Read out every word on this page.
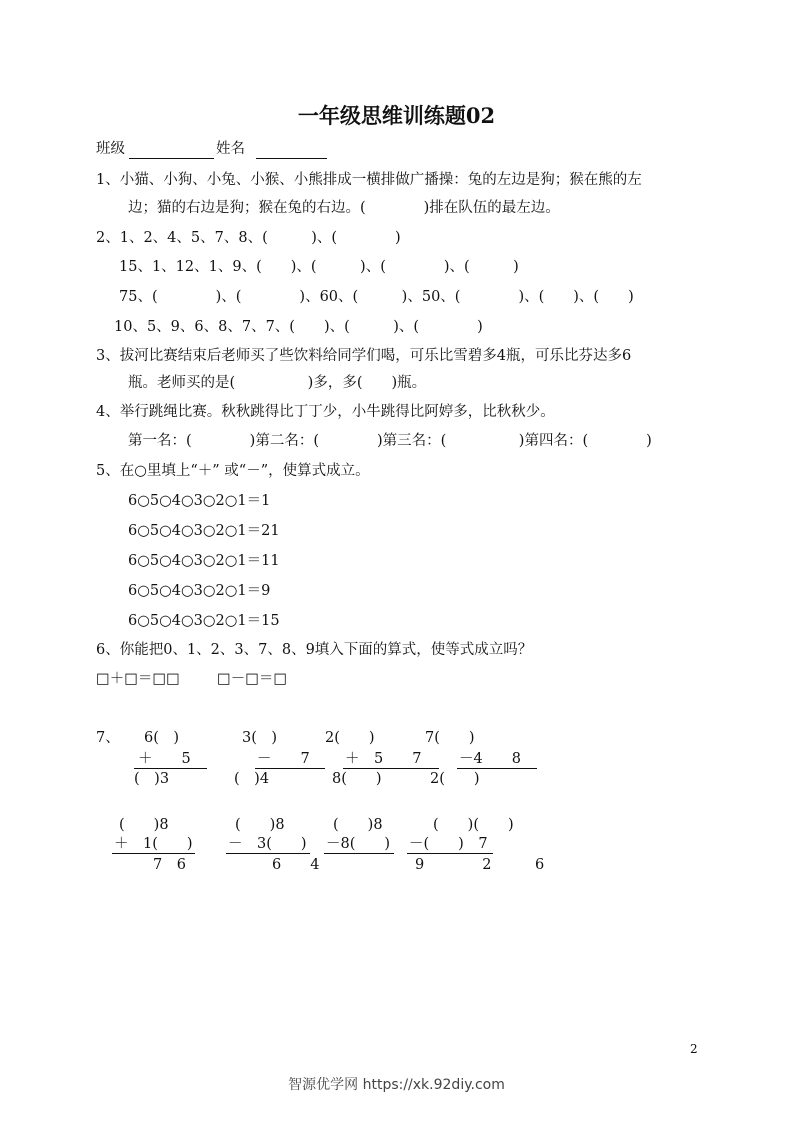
一年级思维训练题02
班级	姓名
1、小猫、小狗、小兔、小猴、小熊排成一横排做广播操：兔的左边是狗；猴在熊的左
边；猫的右边是狗；猴在兔的右边。(　　　　)排在队伍的最左边。
2、1、2、4、5、7、8、(　　　)、(　　　　)
15、1、12、1、9、(　　)、(　　　)、(　　　　)、(　　　)
75、(　　　　)、(　　　　)、60、(　　　)、50、(　　　　)、(　　)、(　　)
10、5、9、6、8、7、7、(　　)、(　　　)、(　　　　)
3、拔河比赛结束后老师买了些饮料给同学们喝，可乐比雪碧多4瓶，可乐比芬达多6
瓶。老师买的是(　　　　　)多，多(　　)瓶。
4、举行跳绳比赛。秋秋跳得比丁丁少，小牛跳得比阿婷多，比秋秋少。
第一名：(　　　　)第二名：(　　　　)第三名：(　　　　　)第四名：(　　　　)
5、在○里填上“＋” 或“－”，使算式成立。
6○5○4○3○2○1＝1
6○5○4○3○2○1＝21
6○5○4○3○2○1＝11
6○5○4○3○2○1＝9
6○5○4○3○2○1＝15
6、你能把0、1、2、3、7、8、9填入下面的算式，使等式成立吗？
□＋□＝□□	□－□＝□
7、 6(　)
＋　　5
(　)3
3(　)
－　　7
(　)4
2(　　)
＋　5　　7
8(　　)
7(　　)
－4　　8
2(　　)
(　　)8
＋　1(　　)
7　6
(　　)8
－　3(　　)
6　　4
(　　)8
－8(　　)
(　　)(　　)
－(　　)　7
9　　　　2　　　6
2
智源优学网 https://xk.92diy.com
